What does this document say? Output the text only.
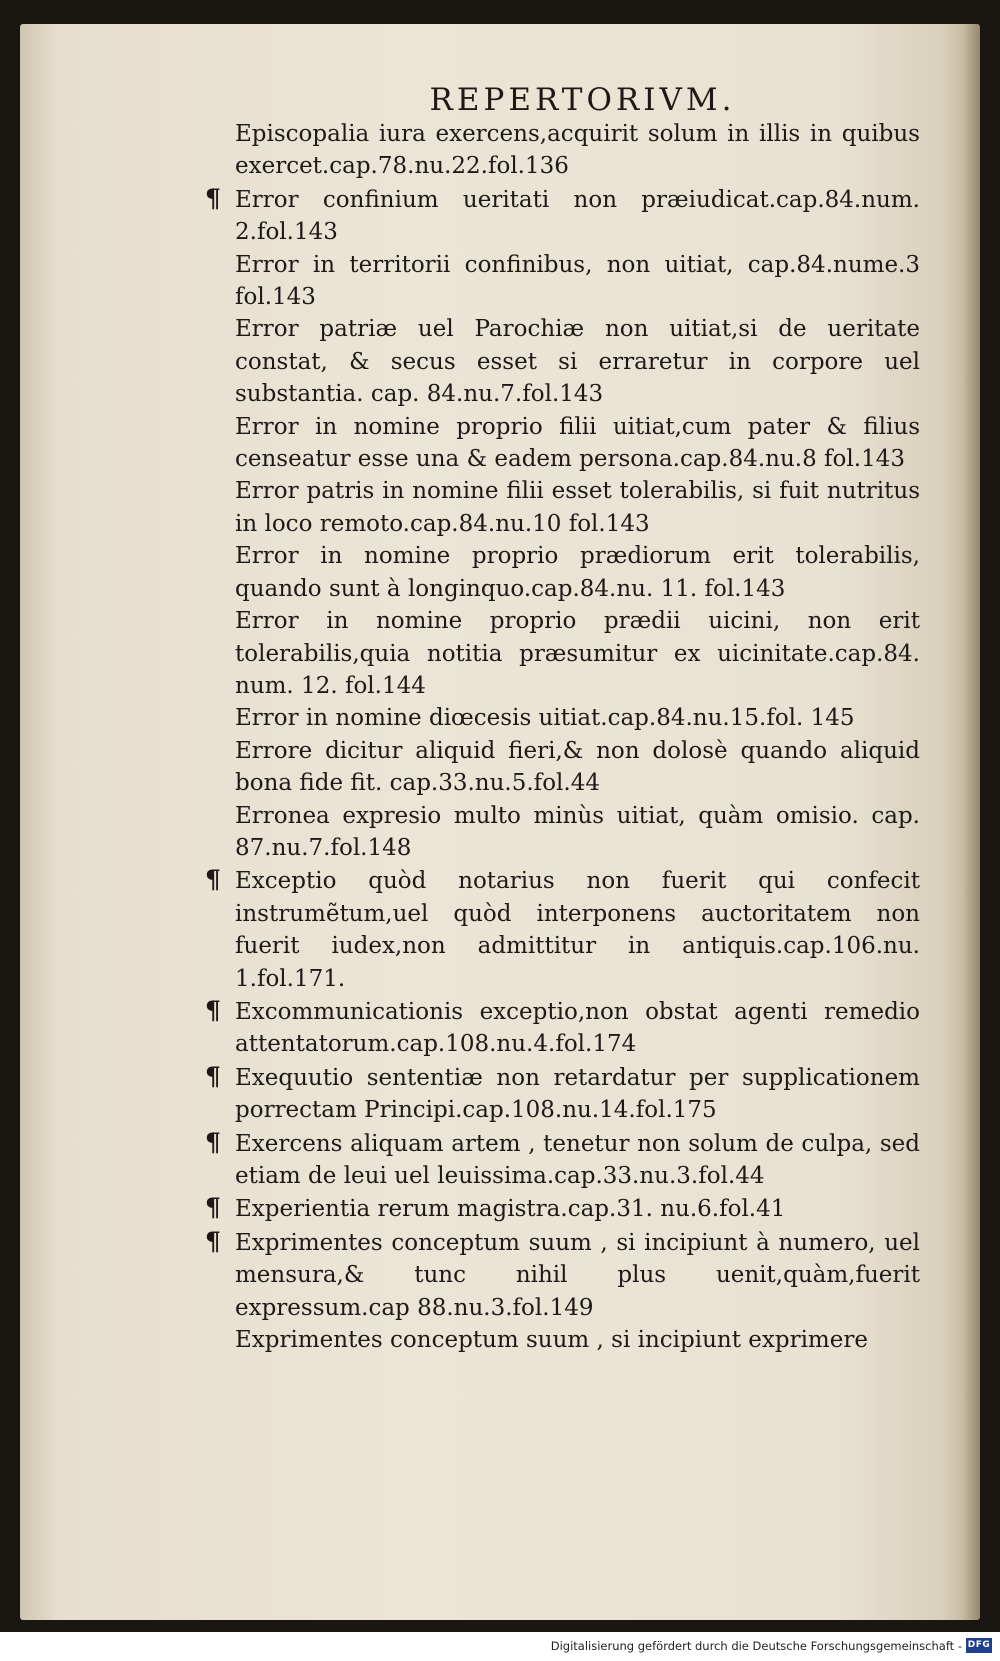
REPERTORIVM.

Episcopalia iura exercens,acquirit solum in illis in quibus exercet.cap.78.nu.22.fol.136

¶ Error confinium ueritati non præiudicat.cap.84.num. 2.fol.143

Error in territorii confinibus, non uitiat, cap.84.nume.3 fol.143

Error patriæ uel Parochiæ non uitiat,si de ueritate constat, & secus esset si erraretur in corpore uel substantia. cap. 84.nu.7.fol.143

Error in nomine proprio filii uitiat,cum pater & filius censeatur esse una & eadem persona.cap.84.nu.8 fol.143

Error patris in nomine filii esset tolerabilis, si fuit nutritus in loco remoto.cap.84.nu.10 fol.143

Error in nomine proprio prædiorum erit tolerabilis, quando sunt à longinquo.cap.84.nu. 11. fol.143

Error in nomine proprio prædii uicini, non erit tolerabilis,quia notitia præsumitur ex uicinitate.cap.84. num. 12. fol.144

Error in nomine diœcesis uitiat.cap.84.nu.15.fol. 145

Errore dicitur aliquid fieri,& non dolosè quando aliquid bona fide fit. cap.33.nu.5.fol.44

Erronea expresio multo minùs uitiat, quàm omisio. cap. 87.nu.7.fol.148

¶ Exceptio quòd notarius non fuerit qui confecit instrumẽtum,uel quòd interponens auctoritatem non fuerit iudex,non admittitur in antiquis.cap.106.nu. 1.fol.171.

¶ Excommunicationis exceptio,non obstat agenti remedio attentatorum.cap.108.nu.4.fol.174

¶ Exequutio sententiæ non retardatur per supplicationem porrectam Principi.cap.108.nu.14.fol.175

¶ Exercens aliquam artem , tenetur non solum de culpa, sed etiam de leui uel leuissima.cap.33.nu.3.fol.44

¶ Experientia rerum magistra.cap.31. nu.6.fol.41

¶ Exprimentes conceptum suum , si incipiunt à numero, uel mensura,& tunc nihil plus uenit,quàm,fuerit expressum.cap 88.nu.3.fol.149

Exprimentes conceptum suum , si incipiunt exprimere

Digitalisierung gefördert durch die Deutsche Forschungsgemeinschaft - DFG
